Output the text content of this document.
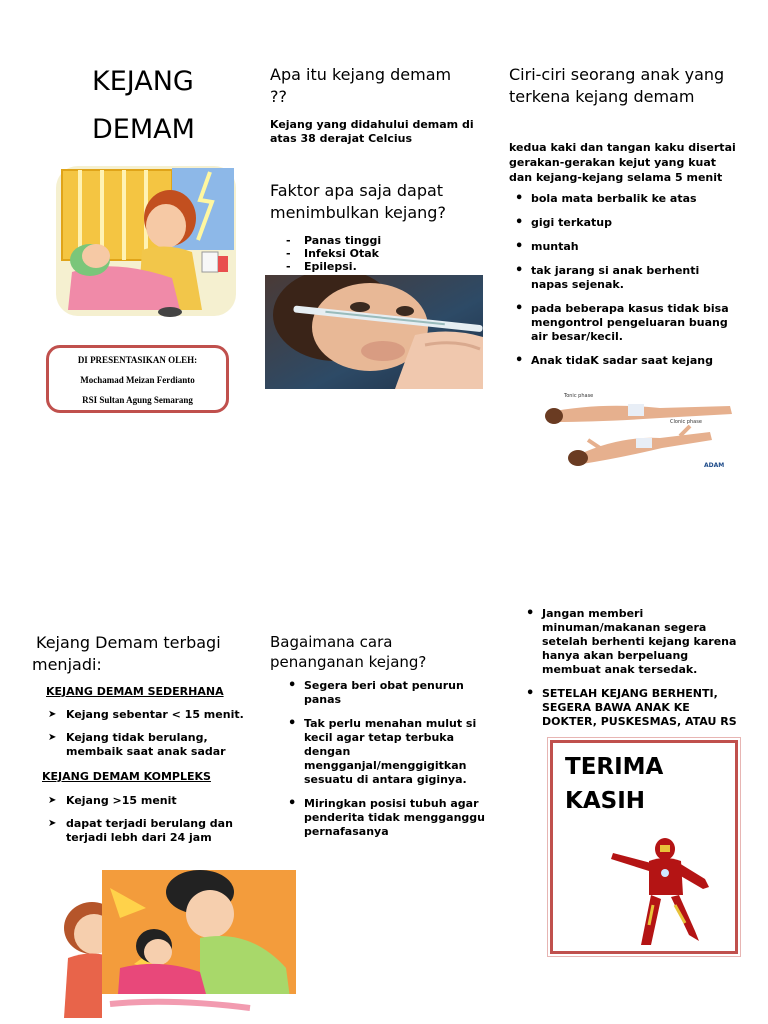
KEJANG
DEMAM
DI PRESENTASIKAN OLEH:
Mochamad Meizan Ferdianto
RSI Sultan Agung Semarang
Apa itu kejang demam ??
Kejang yang didahului demam di atas 38 derajat Celcius
Faktor apa saja dapat menimbulkan kejang?
- Panas tinggi
- Infeksi Otak
- Epilepsi.
Ciri-ciri seorang anak yang terkena kejang demam
kedua kaki dan tangan kaku disertai gerakan-gerakan kejut yang kuat dan kejang-kejang selama 5 menit
• bola mata berbalik ke atas
• gigi terkatup
• muntah
• tak jarang si anak berhenti napas sejenak.
• pada beberapa kasus tidak bisa mengontrol pengeluaran buang air besar/kecil.
• Anak tidaK sadar saat kejang
Tonic phase
Clonic phase
ADAM
Kejang Demam terbagi menjadi:
KEJANG DEMAM SEDERHANA
➤ Kejang sebentar < 15 menit.
➤ Kejang tidak berulang, membaik saat anak sadar
KEJANG DEMAM KOMPLEKS
➤ Kejang >15 menit
➤ dapat terjadi berulang dan terjadi lebh dari 24 jam
Bagaimana cara penanganan kejang?
• Segera beri obat penurun panas
• Tak perlu menahan mulut si kecil agar tetap terbuka dengan mengganjal/menggigitkan sesuatu di antara giginya.
• Miringkan posisi tubuh agar penderita tidak mengganggu pernafasanya
• Jangan memberi minuman/makanan segera setelah berhenti kejang karena hanya akan berpeluang membuat anak tersedak.
• SETELAH KEJANG BERHENTI, SEGERA BAWA ANAK KE DOKTER, PUSKESMAS, ATAU RS
TERIMA
KASIH
